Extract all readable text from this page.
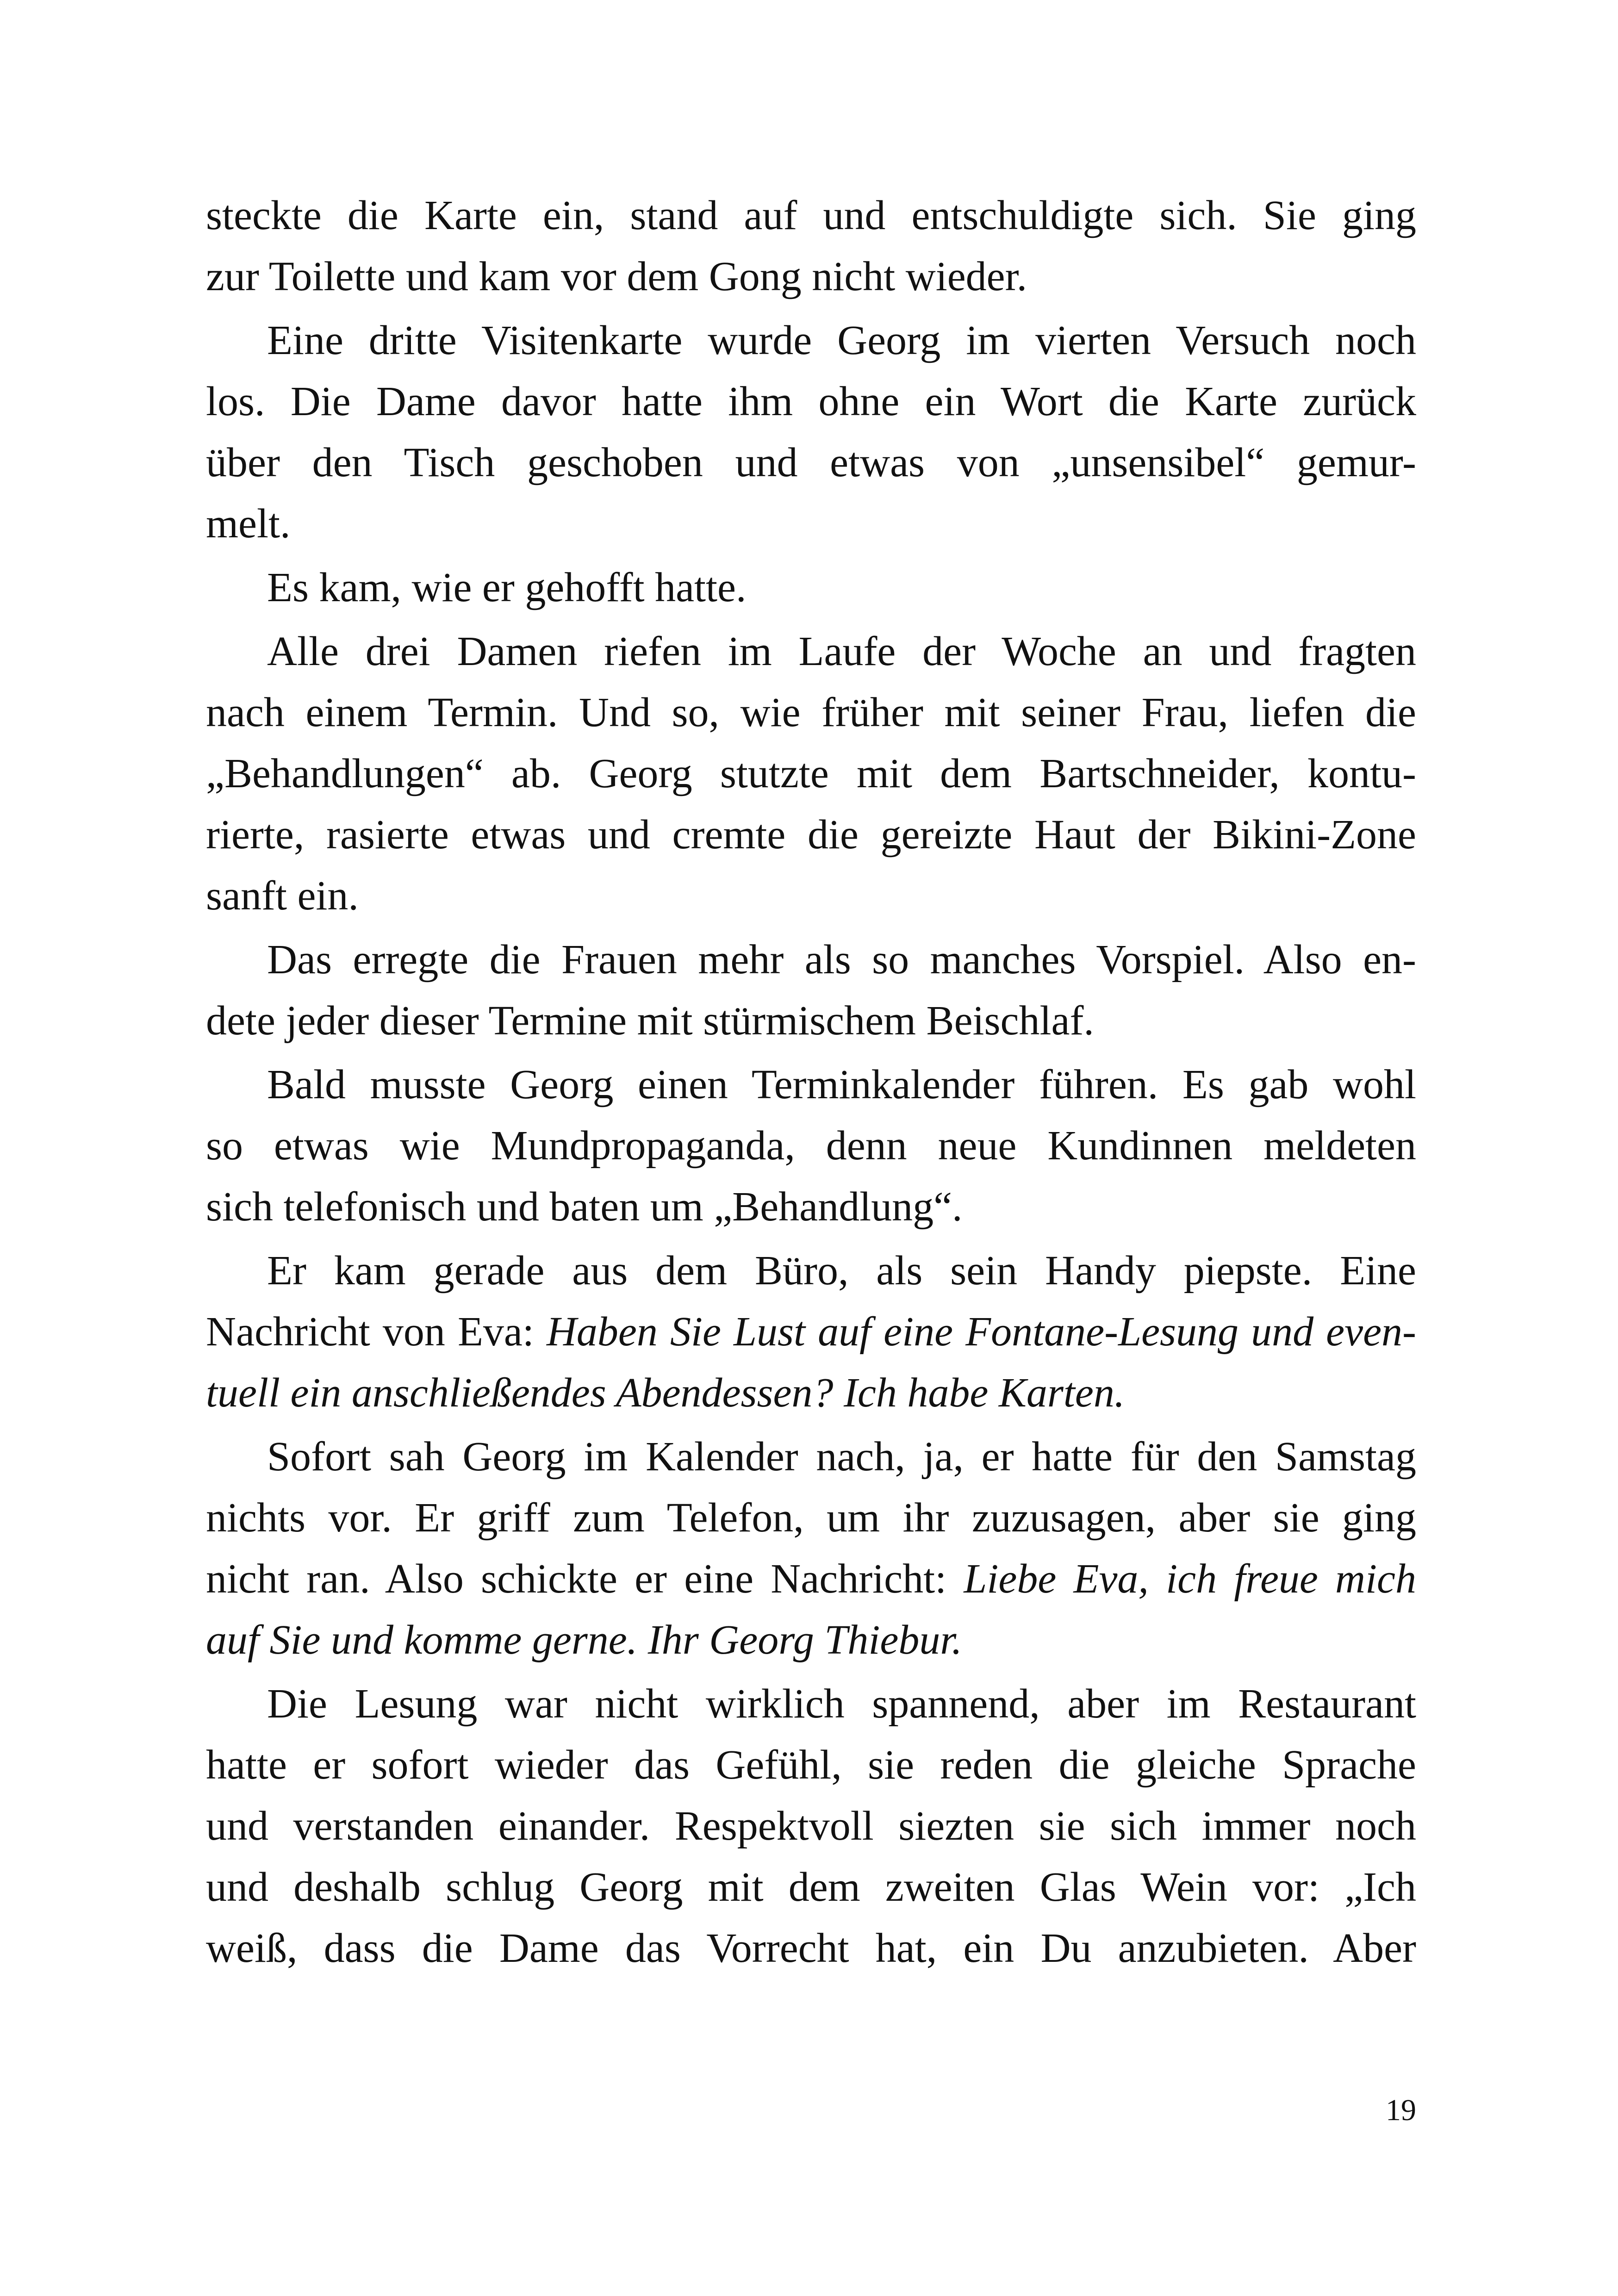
steckte die Karte ein, stand auf und entschuldigte sich. Sie ging
zur Toilette und kam vor dem Gong nicht wieder.
Eine dritte Visitenkarte wurde Georg im vierten Versuch noch
los. Die Dame davor hatte ihm ohne ein Wort die Karte zurück
über den Tisch geschoben und etwas von „unsensibel“ gemur-
melt.
Es kam, wie er gehofft hatte.
Alle drei Damen riefen im Laufe der Woche an und fragten
nach einem Termin. Und so, wie früher mit seiner Frau, liefen die
„Behandlungen“ ab. Georg stutzte mit dem Bartschneider, kontu-
rierte, rasierte etwas und cremte die gereizte Haut der Bikini-Zone
sanft ein.
Das erregte die Frauen mehr als so manches Vorspiel. Also en-
dete jeder dieser Termine mit stürmischem Beischlaf.
Bald musste Georg einen Terminkalender führen. Es gab wohl
so etwas wie Mundpropaganda, denn neue Kundinnen meldeten
sich telefonisch und baten um „Behandlung“.
Er kam gerade aus dem Büro, als sein Handy piepste. Eine
Nachricht von Eva: Haben Sie Lust auf eine Fontane-Lesung und even-
tuell ein anschließendes Abendessen? Ich habe Karten.
Sofort sah Georg im Kalender nach, ja, er hatte für den Samstag
nichts vor. Er griff zum Telefon, um ihr zuzusagen, aber sie ging
nicht ran. Also schickte er eine Nachricht: Liebe Eva, ich freue mich
auf Sie und komme gerne. Ihr Georg Thiebur.
Die Lesung war nicht wirklich spannend, aber im Restaurant
hatte er sofort wieder das Gefühl, sie reden die gleiche Sprache
und verstanden einander. Respektvoll siezten sie sich immer noch
und deshalb schlug Georg mit dem zweiten Glas Wein vor: „Ich
weiß, dass die Dame das Vorrecht hat, ein Du anzubieten. Aber
19
